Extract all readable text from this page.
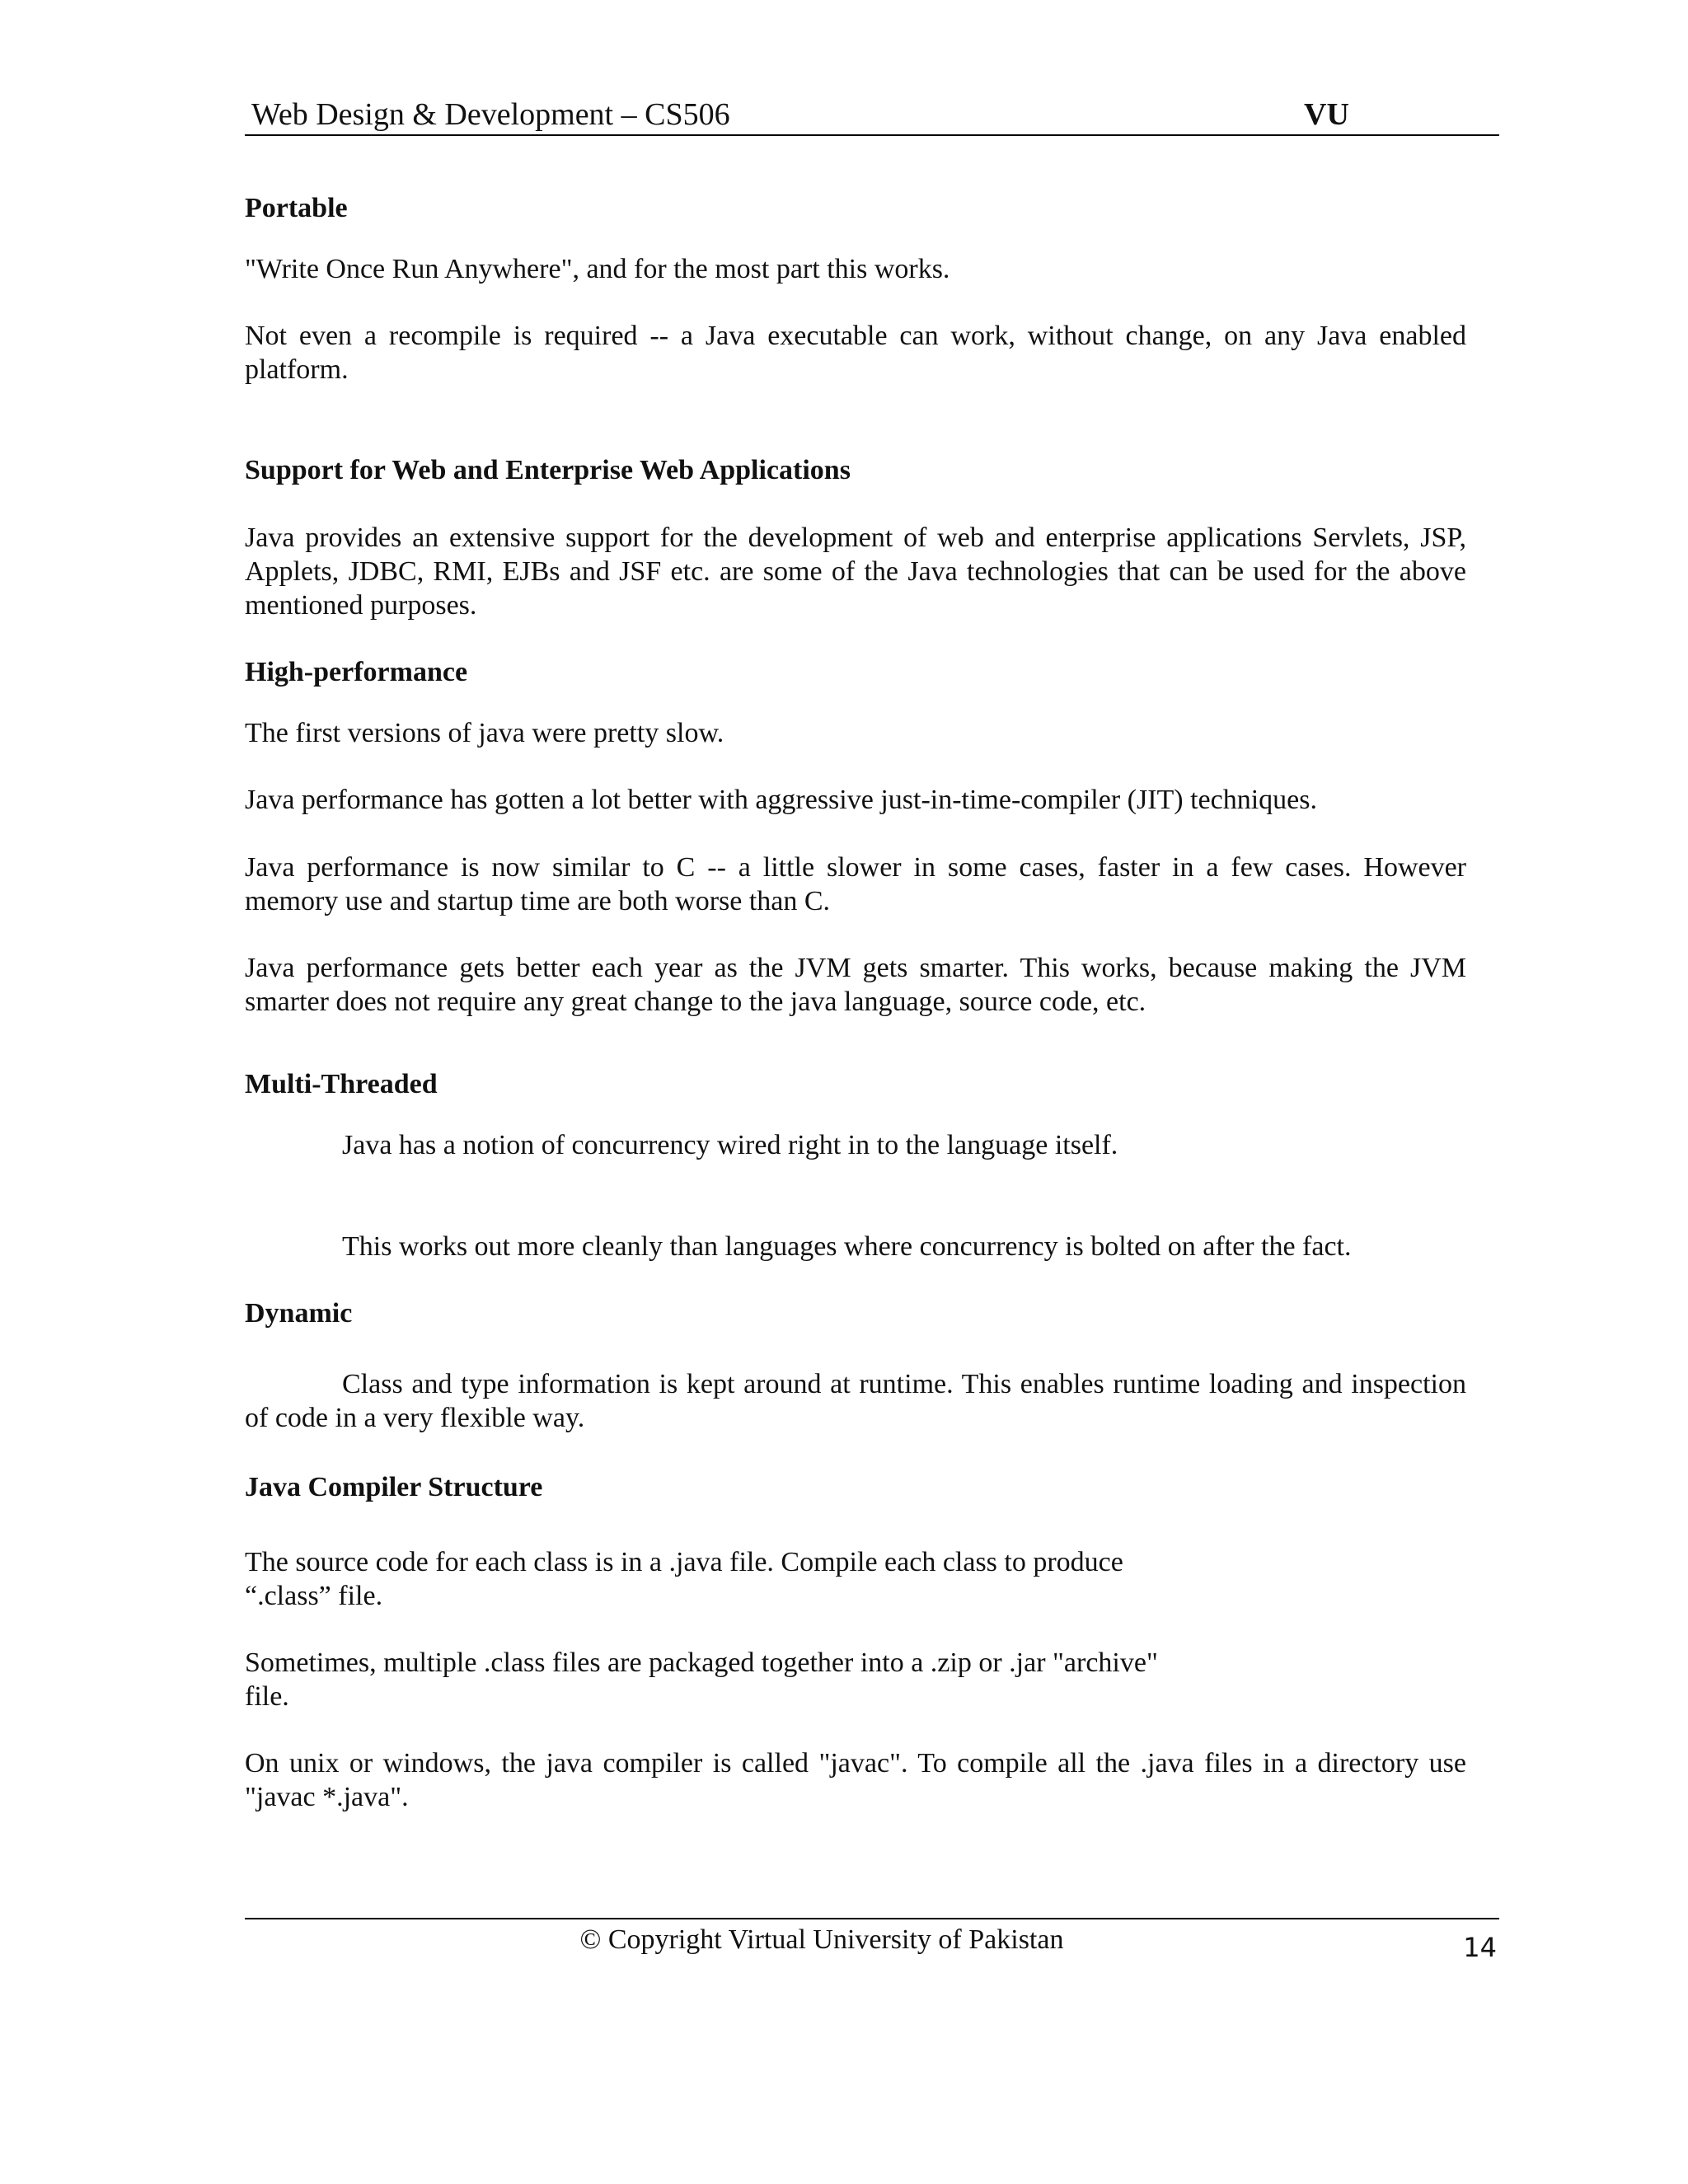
Web Design & Development – CS506	VU

Portable

"Write Once Run Anywhere", and for the most part this works.

Not even a recompile is required -- a Java executable can work, without change, on any Java enabled platform.

Support for Web and Enterprise Web Applications

Java provides an extensive support for the development of web and enterprise applications Servlets, JSP, Applets, JDBC, RMI, EJBs and JSF etc. are some of the Java technologies that can be used for the above mentioned purposes.

High-performance

The first versions of java were pretty slow.

Java performance has gotten a lot better with aggressive just-in-time-compiler (JIT) techniques.

Java performance is now similar to C -- a little slower in some cases, faster in a few cases. However memory use and startup time are both worse than C.

Java performance gets better each year as the JVM gets smarter. This works, because making the JVM smarter does not require any great change to the java language, source code, etc.

Multi-Threaded

Java has a notion of concurrency wired right in to the language itself.

This works out more cleanly than languages where concurrency is bolted on after the fact.

Dynamic

Class and type information is kept around at runtime. This enables runtime loading and inspection of code in a very flexible way.

Java Compiler Structure

The source code for each class is in a .java file. Compile each class to produce

“.class” file.

Sometimes, multiple .class files are packaged together into a .zip or .jar "archive"

file.

On unix or windows, the java compiler is called "javac". To compile all the .java files in a directory use "javac *.java".

© Copyright Virtual University of Pakistan	14
